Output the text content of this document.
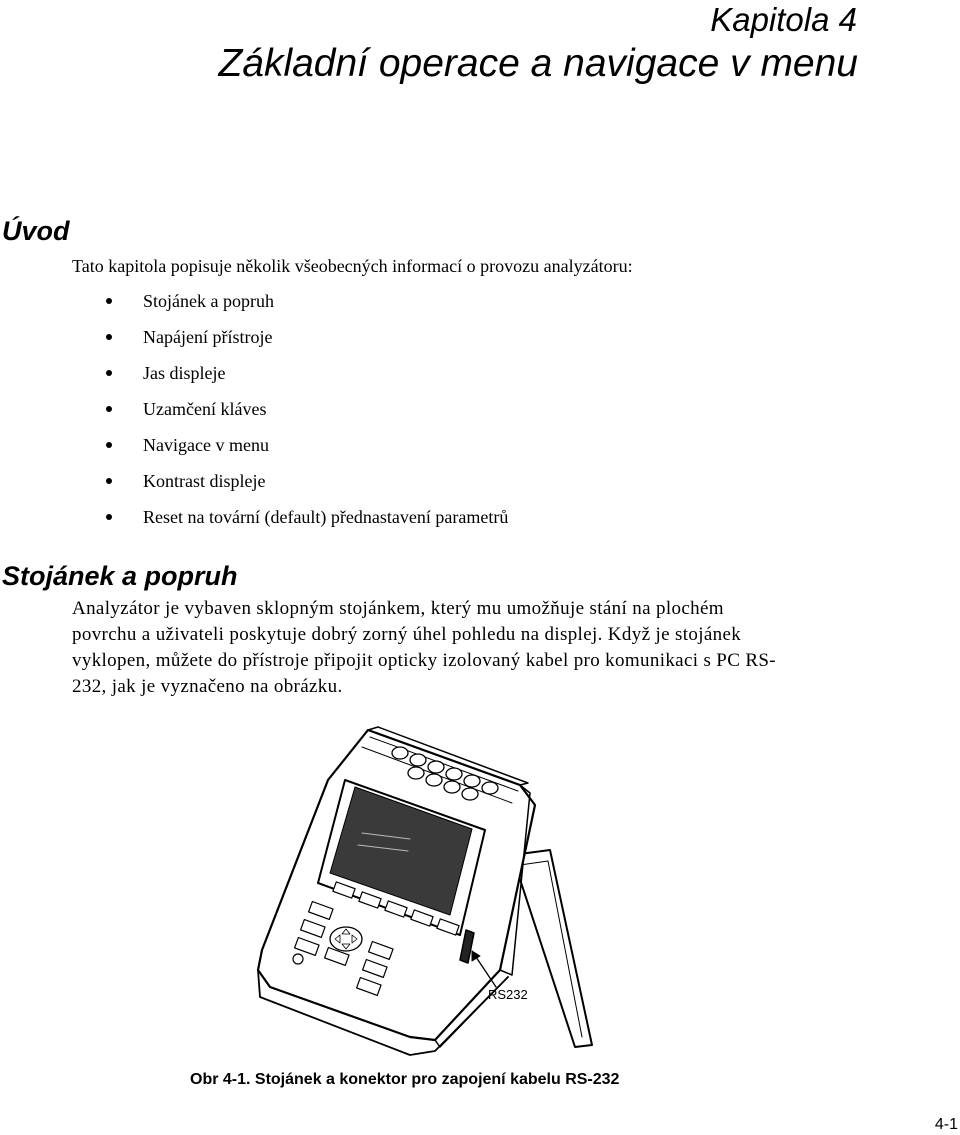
Kapitola 4
Základní operace a navigace v menu
Úvod
Tato kapitola popisuje několik všeobecných informací o provozu analyzátoru:
Stojánek a popruh
Napájení přístroje
Jas displeje
Uzamčení kláves
Navigace v menu
Kontrast displeje
Reset na tovární (default) přednastavení parametrů
Stojánek a popruh

Analyzátor je vybaven sklopným stojánkem, který mu umožňuje stání na plochém
povrchu a uživateli poskytuje dobrý zorný úhel pohledu na displej. Když je stojánek
vyklopen, můžete do přístroje připojit opticky izolovaný kabel pro komunikaci s PC RS-
232, jak je vyznačeno na obrázku.

RS232
Obr 4-1. Stojánek a konektor pro zapojení kabelu RS-232
4-1
